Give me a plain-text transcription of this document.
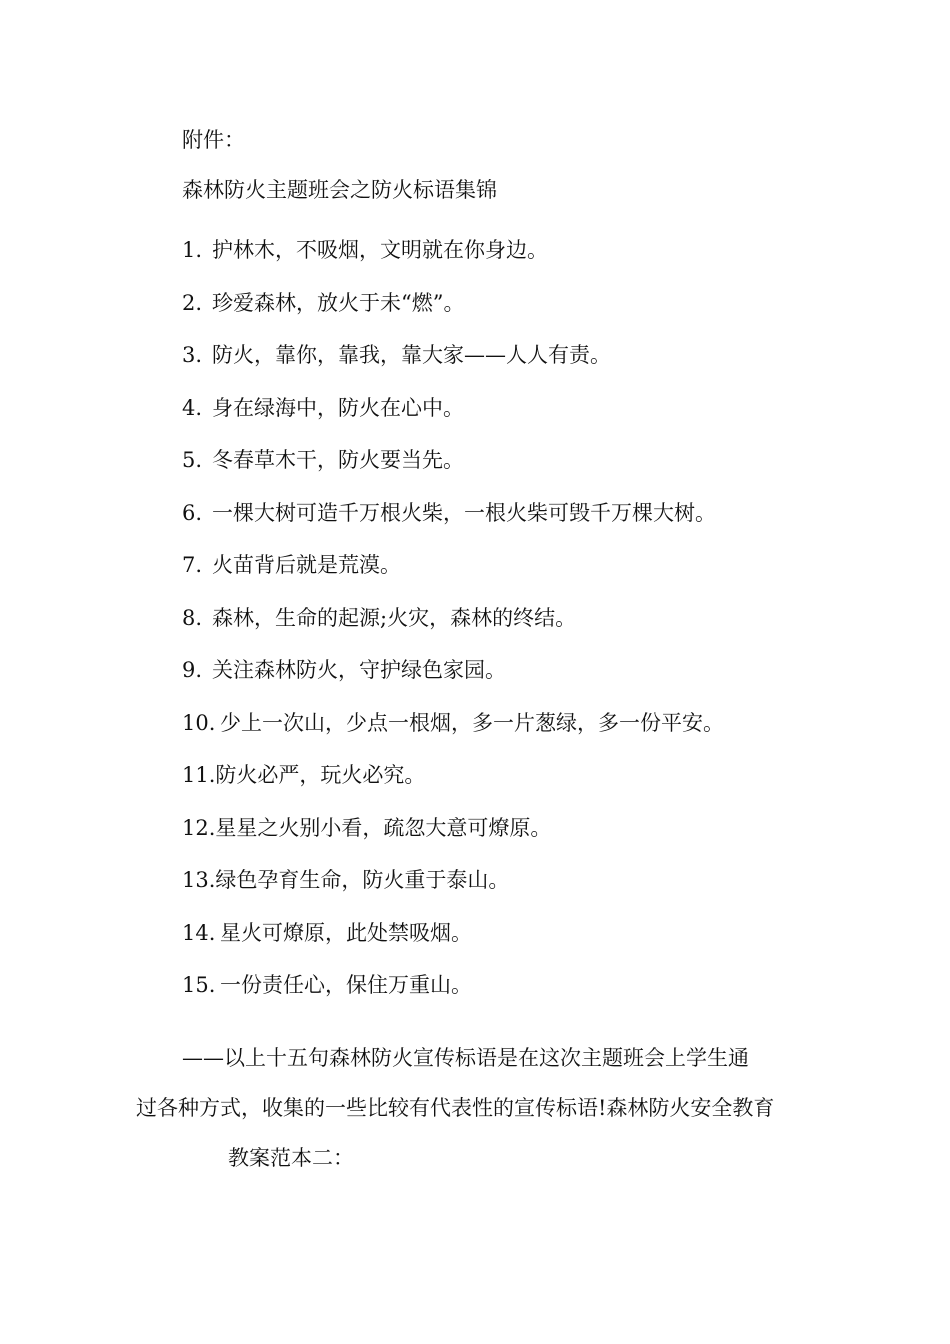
附件：
森林防火主题班会之防火标语集锦
1. 护林木，不吸烟，文明就在你身边。
2. 珍爱森林，放火于未“燃”。
3. 防火，靠你，靠我，靠大家——人人有责。
4. 身在绿海中，防火在心中。
5. 冬春草木干，防火要当先。
6. 一棵大树可造千万根火柴，一根火柴可毁千万棵大树。
7. 火苗背后就是荒漠。
8. 森林，生命的起源;火灾，森林的终结。
9. 关注森林防火，守护绿色家园。
10. 少上一次山，少点一根烟，多一片葱绿，多一份平安。
11.防火必严，玩火必究。
12.星星之火别小看，疏忽大意可燎原。
13.绿色孕育生命，防火重于泰山。
14. 星火可燎原，此处禁吸烟。
15. 一份责任心，保住万重山。
——以上十五句森林防火宣传标语是在这次主题班会上学生通
过各种方式，收集的一些比较有代表性的宣传标语!森林防火安全教育
教案范本二：
